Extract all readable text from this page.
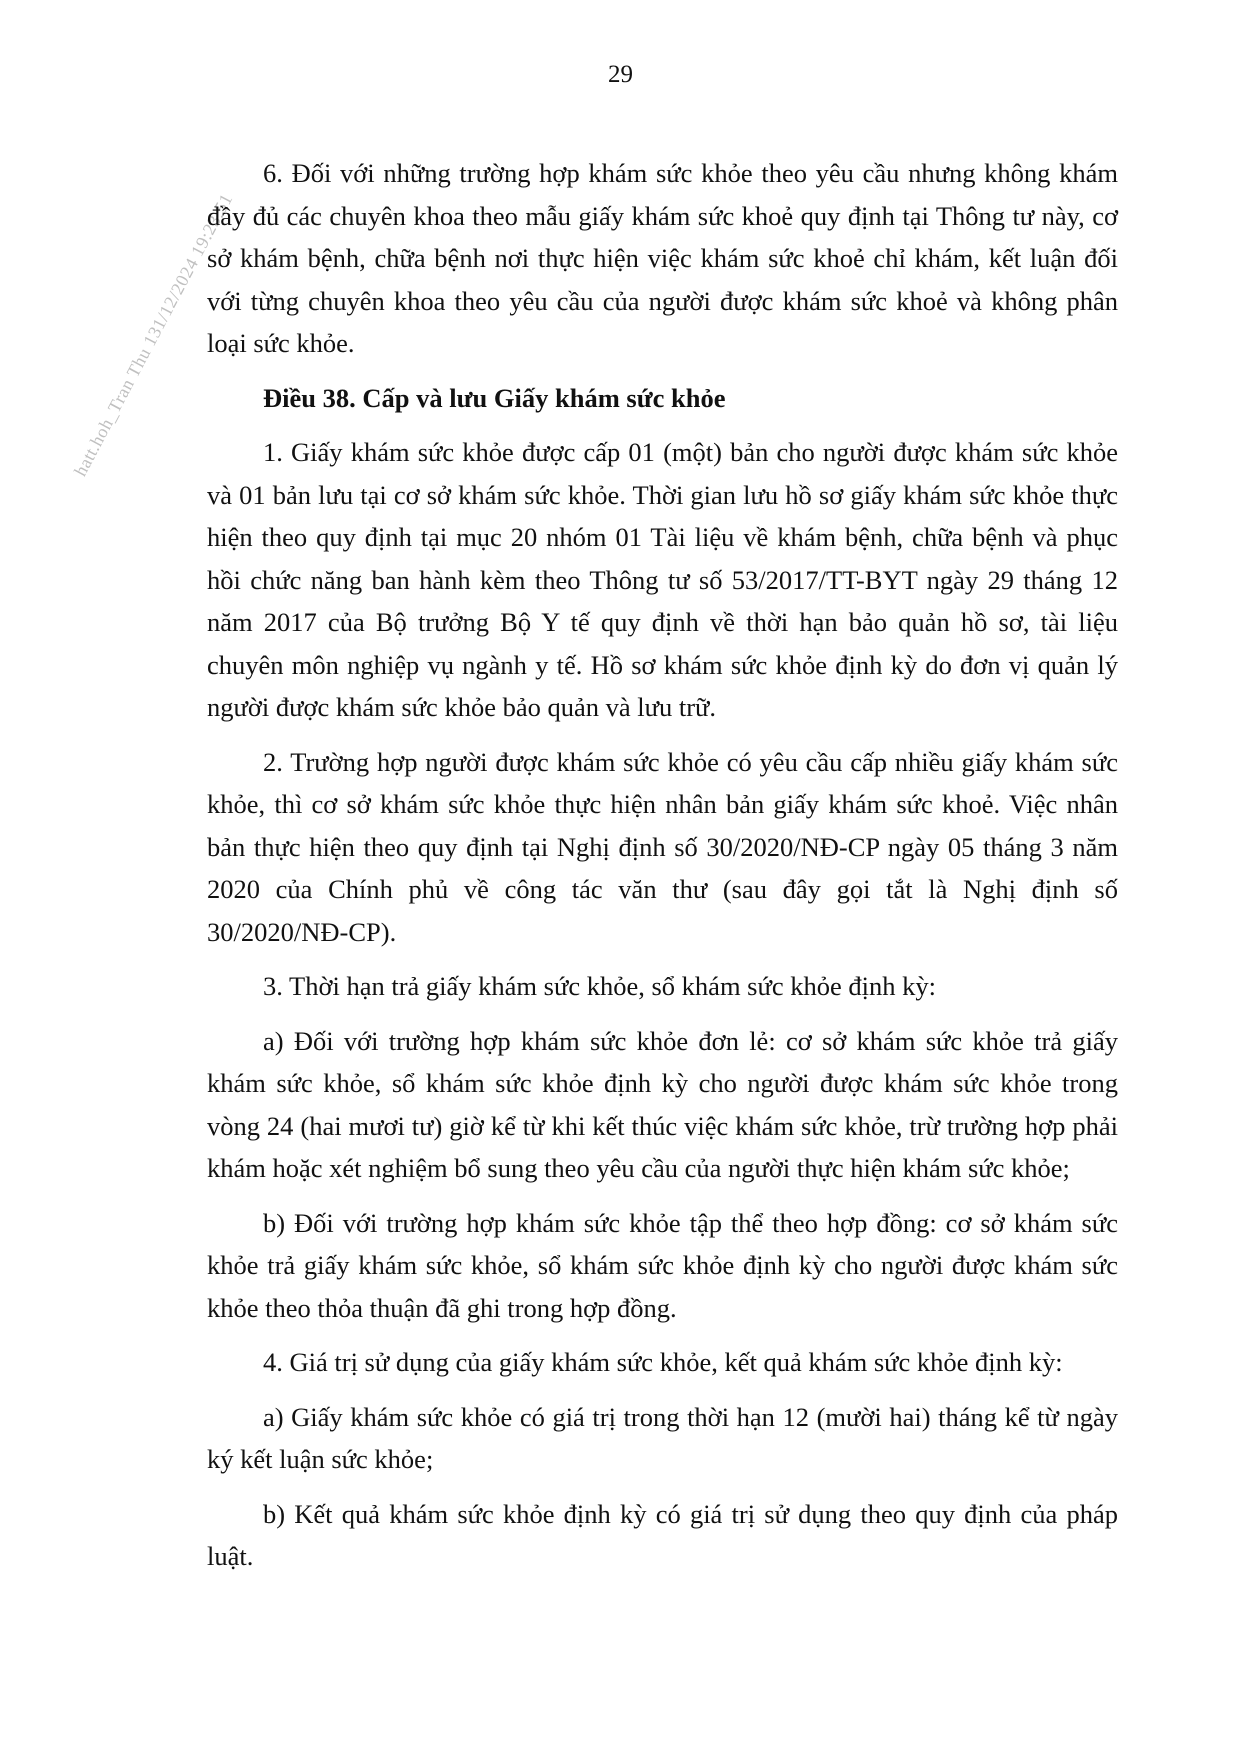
29
hatt.hoh_Tran Thu 131/12/2024 19:23:51

6. Đối với những trường hợp khám sức khỏe theo yêu cầu nhưng không khám đầy đủ các chuyên khoa theo mẫu giấy khám sức khoẻ quy định tại Thông tư này, cơ sở khám bệnh, chữa bệnh nơi thực hiện việc khám sức khoẻ chỉ khám, kết luận đối với từng chuyên khoa theo yêu cầu của người được khám sức khoẻ và không phân loại sức khỏe.

Điều 38. Cấp và lưu Giấy khám sức khỏe

1. Giấy khám sức khỏe được cấp 01 (một) bản cho người được khám sức khỏe và 01 bản lưu tại cơ sở khám sức khỏe. Thời gian lưu hồ sơ giấy khám sức khỏe thực hiện theo quy định tại mục 20 nhóm 01 Tài liệu về khám bệnh, chữa bệnh và phục hồi chức năng ban hành kèm theo Thông tư số 53/2017/TT-BYT ngày 29 tháng 12 năm 2017 của Bộ trưởng Bộ Y tế quy định về thời hạn bảo quản hồ sơ, tài liệu chuyên môn nghiệp vụ ngành y tế. Hồ sơ khám sức khỏe định kỳ do đơn vị quản lý người được khám sức khỏe bảo quản và lưu trữ.

2. Trường hợp người được khám sức khỏe có yêu cầu cấp nhiều giấy khám sức khỏe, thì cơ sở khám sức khỏe thực hiện nhân bản giấy khám sức khoẻ. Việc nhân bản thực hiện theo quy định tại Nghị định số 30/2020/NĐ-CP ngày 05 tháng 3 năm 2020 của Chính phủ về công tác văn thư (sau đây gọi tắt là Nghị định số 30/2020/NĐ-CP).

3. Thời hạn trả giấy khám sức khỏe, sổ khám sức khỏe định kỳ:

a) Đối với trường hợp khám sức khỏe đơn lẻ: cơ sở khám sức khỏe trả giấy khám sức khỏe, sổ khám sức khỏe định kỳ cho người được khám sức khỏe trong vòng 24 (hai mươi tư) giờ kể từ khi kết thúc việc khám sức khỏe, trừ trường hợp phải khám hoặc xét nghiệm bổ sung theo yêu cầu của người thực hiện khám sức khỏe;

b) Đối với trường hợp khám sức khỏe tập thể theo hợp đồng: cơ sở khám sức khỏe trả giấy khám sức khỏe, sổ khám sức khỏe định kỳ cho người được khám sức khỏe theo thỏa thuận đã ghi trong hợp đồng.

4. Giá trị sử dụng của giấy khám sức khỏe, kết quả khám sức khỏe định kỳ:

a) Giấy khám sức khỏe có giá trị trong thời hạn 12 (mười hai) tháng kể từ ngày ký kết luận sức khỏe;

b) Kết quả khám sức khỏe định kỳ có giá trị sử dụng theo quy định của pháp luật.
